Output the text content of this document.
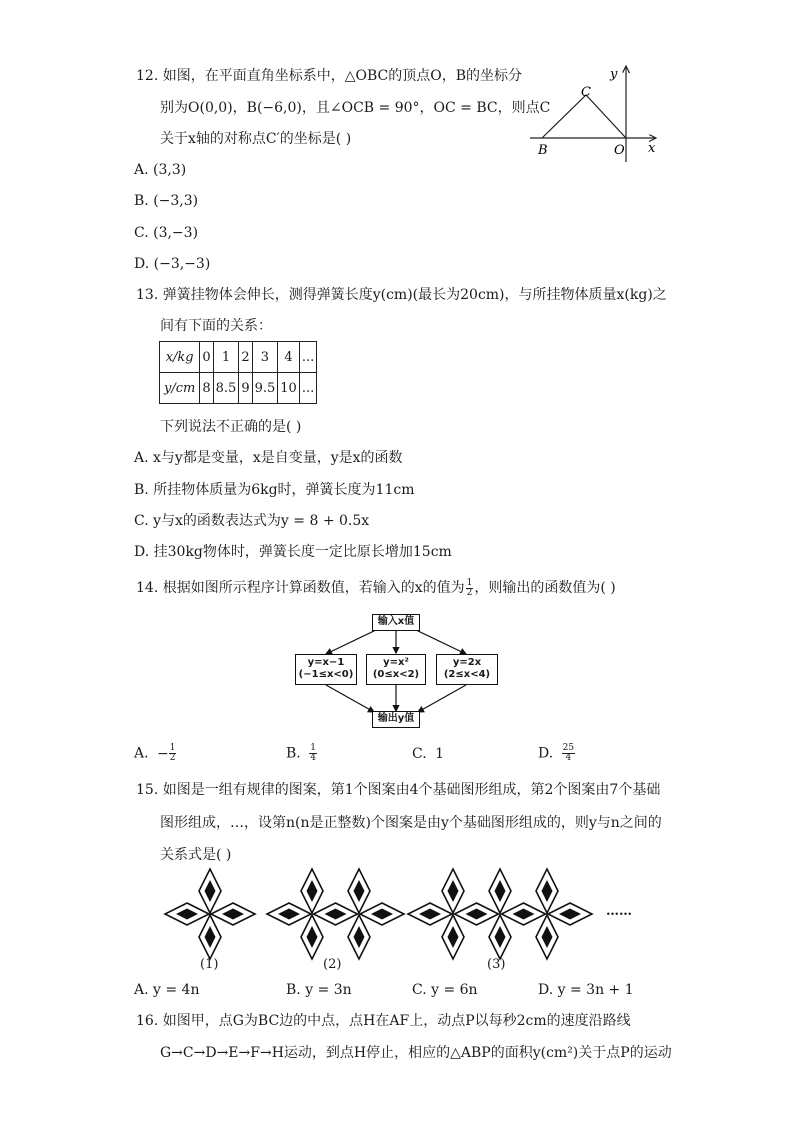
12. 如图，在平面直角坐标系中，△OBC的顶点O，B的坐标分
别为O(0,0)，B(−6,0)，且∠OCB = 90°，OC = BC，则点C
关于x轴的对称点C′的坐标是( )
y
C
B	O x
A. (3,3)
B. (−3,3)
C. (3,−3)
D. (−3,−3)
13. 弹簧挂物体会伸长，测得弹簧长度y(cm)(最长为20cm)，与所挂物体质量x(kg)之
间有下面的关系：
x/kg	0	1	2	3	4	...
y/cm	8	8.5	9	9.5	10	...
下列说法不正确的是( )
A. x与y都是变量，x是自变量，y是x的函数
B. 所挂物体质量为6kg时，弹簧长度为11cm
C. y与x的函数表达式为y = 8 + 0.5x
D. 挂30kg物体时，弹簧长度一定比原长增加15cm
14. 根据如图所示程序计算函数值，若输入的x的值为 $\frac{1}{2}$ ，则输出的函数值为( )
输入x值
y=x−1
(−1≤x<0)
y=x²
(0≤x<2)
y=2x
(2≤x<4)
输出y值
A. − $\frac{1}{2}$	B. $\frac{1}{4}$	C. 1	D. $\frac{25}{4}$
15. 如图是一组有规律的图案，第1个图案由4个基础图形组成，第2个图案由7个基础
图形组成，…，设第n(n是正整数)个图案是由y个基础图形组成的，则y与n之间的
关系式是( )
(1)	(2)	(3)
……
A. y = 4n	B. y = 3n	C. y = 6n	D. y = 3n + 1
16. 如图甲，点G为BC边的中点，点H在AF上，动点P以每秒2cm的速度沿路线
G→C→D→E→F→H运动，到点H停止，相应的△ABP的面积y(cm²)关于点P的运动
